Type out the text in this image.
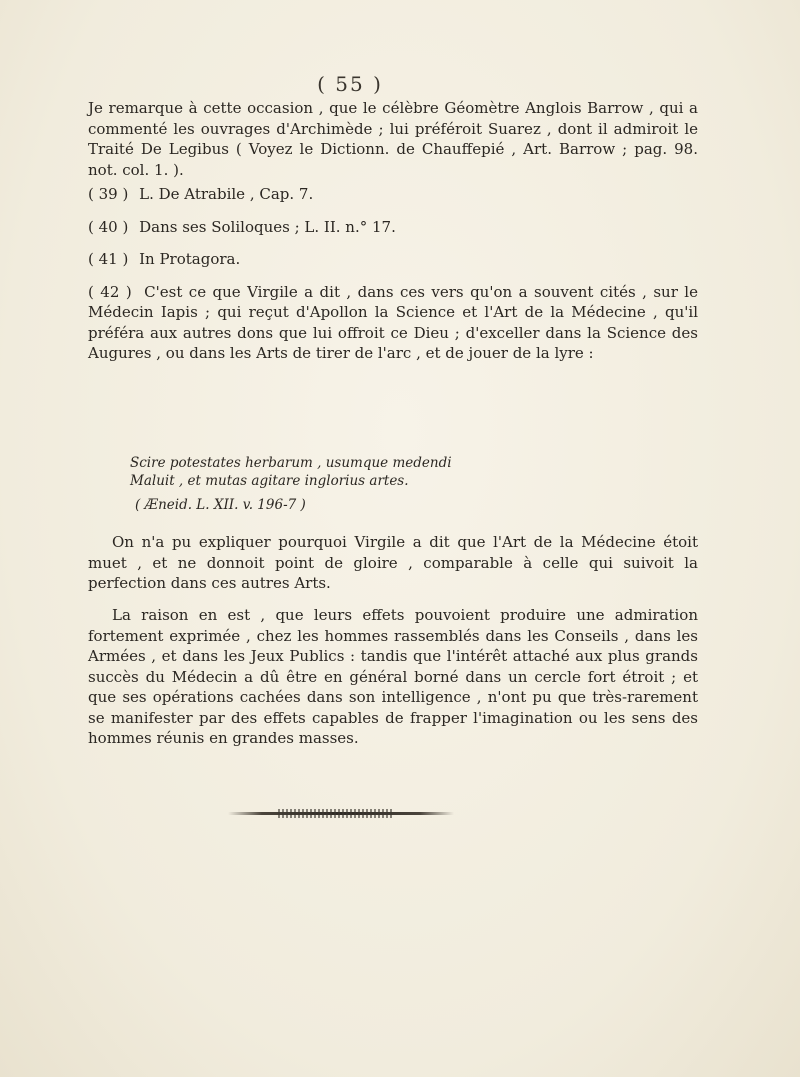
( 55 )

Je remarque à cette occasion , que le célèbre Géomètre Anglois Barrow , qui a commenté les ouvrages d'Archimède ; lui préféroit Suarez , dont il admiroit le Traité De Legibus ( Voyez le Dictionn. de Chauffepié , Art. Barrow ; pag. 98. not. col. 1. ).

( 39 ) L. De Atrabile , Cap. 7.

( 40 ) Dans ses Soliloques ; L. II. n.° 17.

( 41 ) In Protagora.

( 42 ) C'est ce que Virgile a dit , dans ces vers qu'on a souvent cités , sur le Médecin Iapis ; qui reçut d'Apollon la Science et l'Art de la Médecine , qu'il préféra aux autres dons que lui offroit ce Dieu ; d'exceller dans la Science des Augures , ou dans les Arts de tirer de l'arc , et de jouer de la lyre :

Scire potestates herbarum , usumque medendi
Maluit , et mutas agitare inglorius artes.
( Æneid. L. XII. v. 196-7 )

On n'a pu expliquer pourquoi Virgile a dit que l'Art de la Médecine étoit muet , et ne donnoit point de gloire , comparable à celle qui suivoit la perfection dans ces autres Arts.

La raison en est , que leurs effets pouvoient produire une admiration fortement exprimée , chez les hommes rassemblés dans les Conseils , dans les Armées , et dans les Jeux Publics : tandis que l'intérêt attaché aux plus grands succès du Médecin a dû être en général borné dans un cercle fort étroit ; et que ses opérations cachées dans son intelligence , n'ont pu que très-rarement se manifester par des effets capables de frapper l'imagination ou les sens des hommes réunis en grandes masses.
